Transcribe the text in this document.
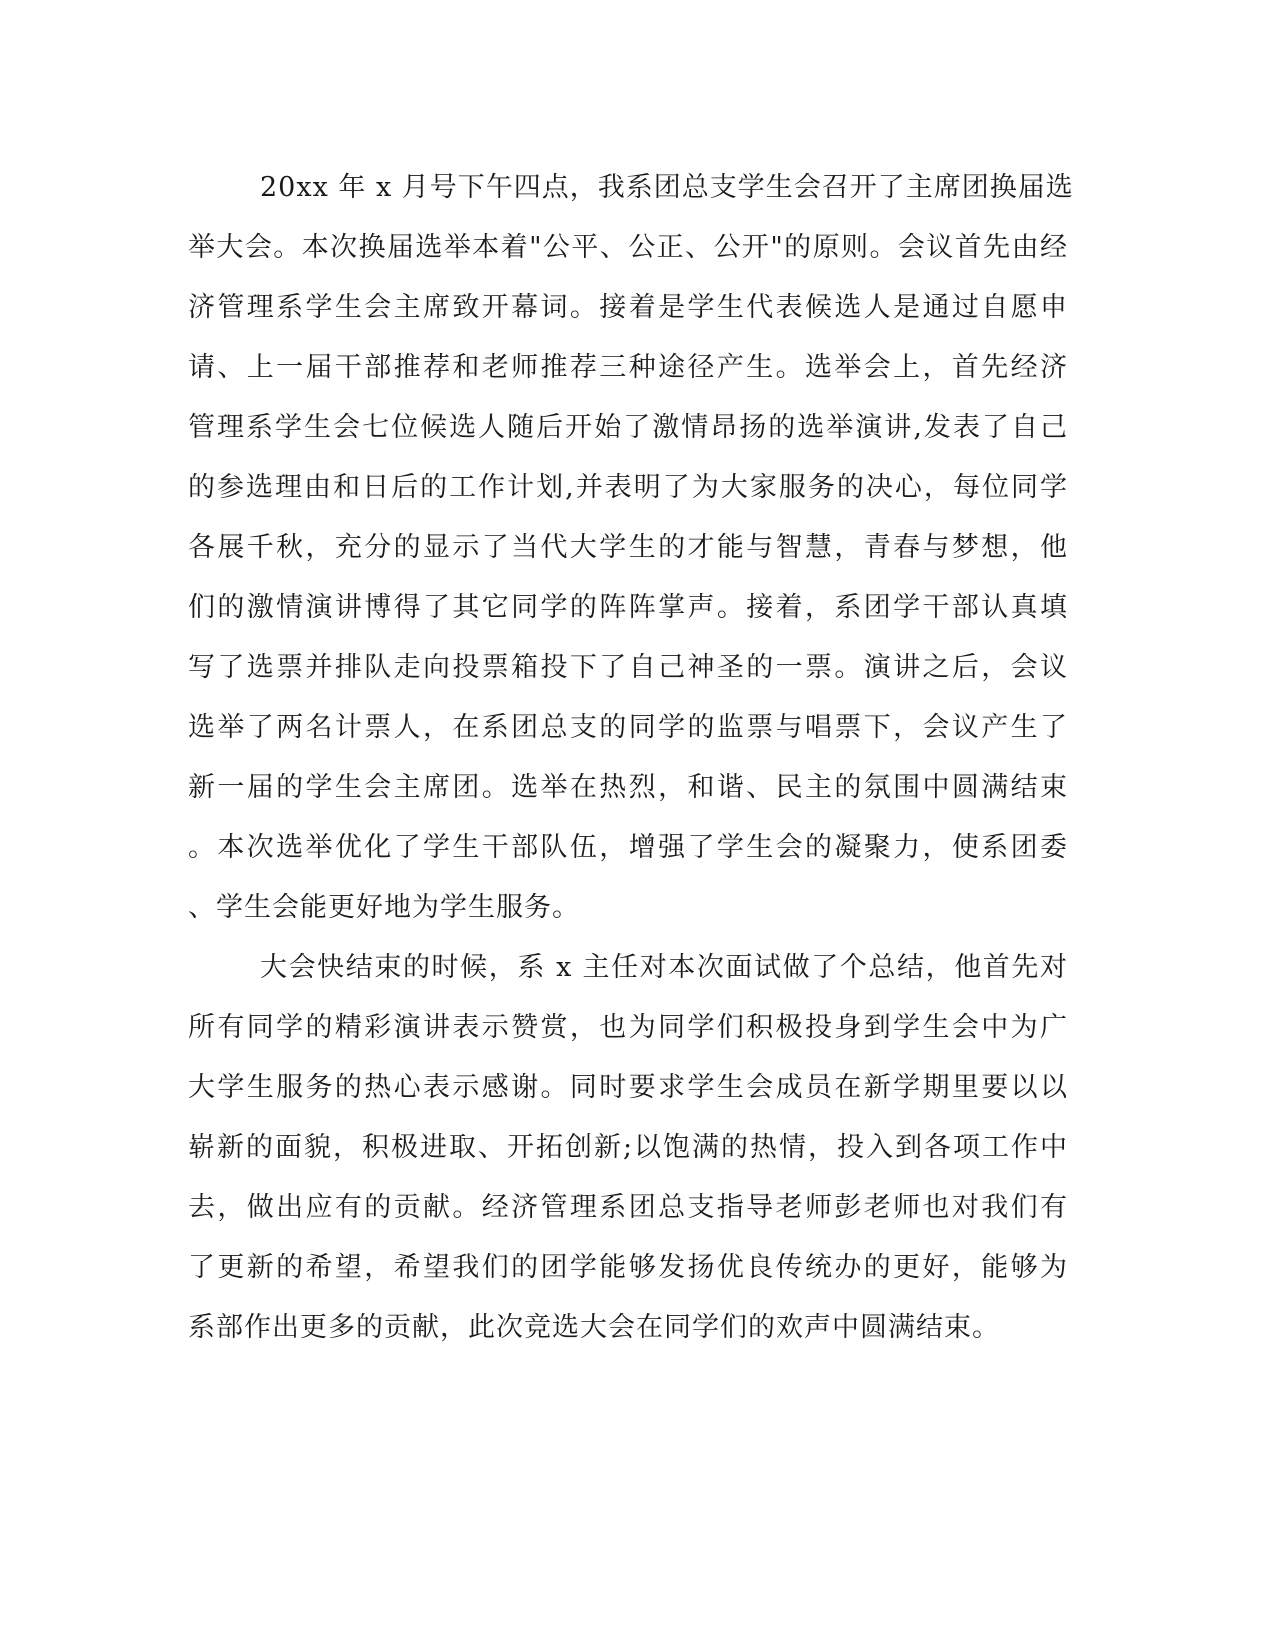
20xx 年 x 月号下午四点，我系团总支学生会召开了主席团换届选
举大会。本次换届选举本着"公平、公正、公开"的原则。会议首先由经
济管理系学生会主席致开幕词。接着是学生代表候选人是通过自愿申
请、上一届干部推荐和老师推荐三种途径产生。选举会上，首先经济
管理系学生会七位候选人随后开始了激情昂扬的选举演讲,发表了自己
的参选理由和日后的工作计划,并表明了为大家服务的决心，每位同学
各展千秋，充分的显示了当代大学生的才能与智慧，青春与梦想，他
们的激情演讲博得了其它同学的阵阵掌声。接着，系团学干部认真填
写了选票并排队走向投票箱投下了自己神圣的一票。演讲之后，会议
选举了两名计票人，在系团总支的同学的监票与唱票下，会议产生了
新一届的学生会主席团。选举在热烈，和谐、民主的氛围中圆满结束
。本次选举优化了学生干部队伍，增强了学生会的凝聚力，使系团委
、学生会能更好地为学生服务。
大会快结束的时候，系 x 主任对本次面试做了个总结，他首先对
所有同学的精彩演讲表示赞赏，也为同学们积极投身到学生会中为广
大学生服务的热心表示感谢。同时要求学生会成员在新学期里要以以
崭新的面貌，积极进取、开拓创新;以饱满的热情，投入到各项工作中
去，做出应有的贡献。经济管理系团总支指导老师彭老师也对我们有
了更新的希望，希望我们的团学能够发扬优良传统办的更好，能够为
系部作出更多的贡献，此次竞选大会在同学们的欢声中圆满结束。
